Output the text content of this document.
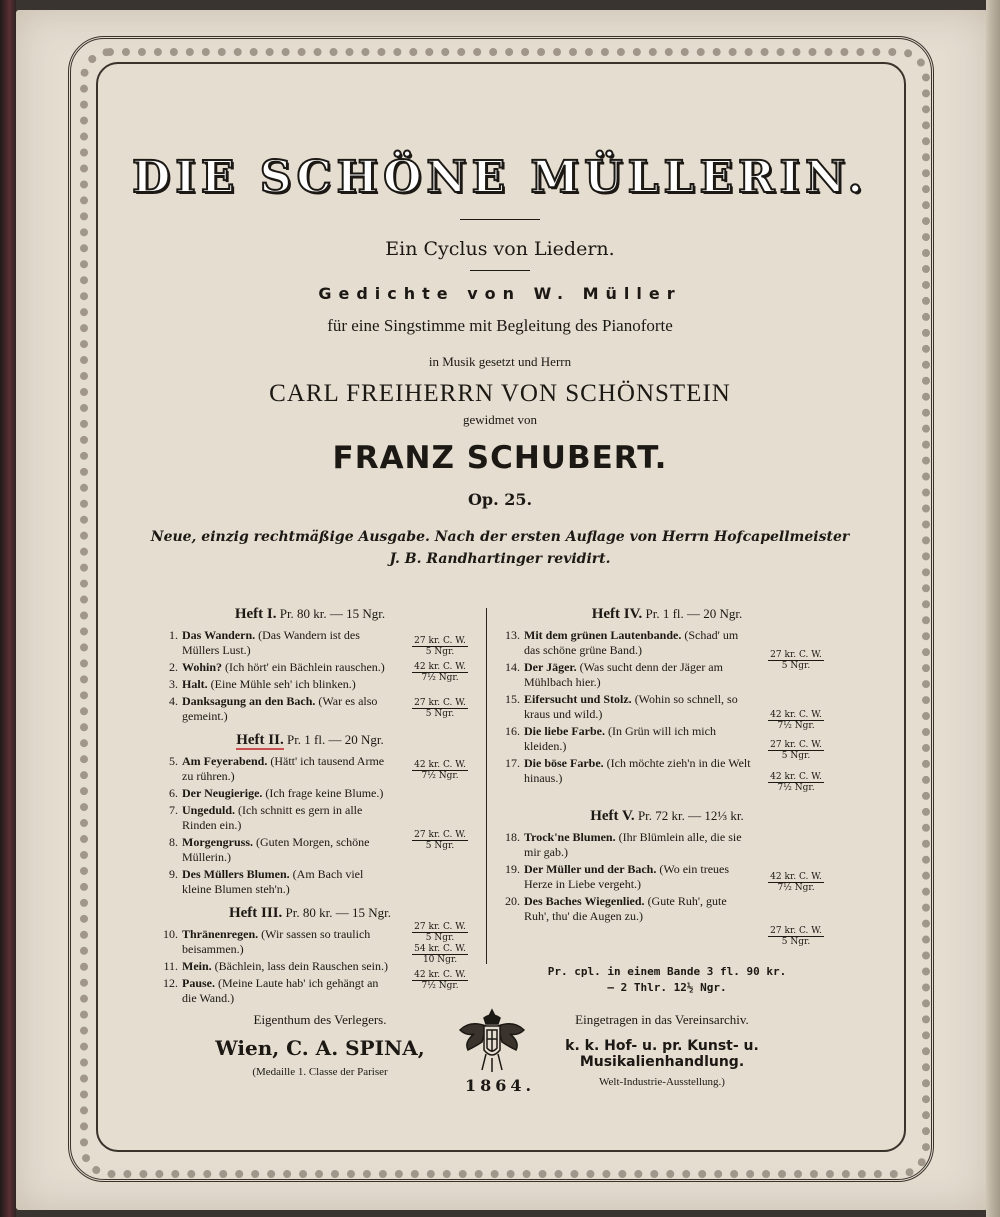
DIE SCHÖNE MÜLLERIN.
Ein Cyclus von Liedern.
Gedichte von W. Müller
für eine Singstimme mit Begleitung des Pianoforte
in Musik gesetzt und Herrn
CARL FREIHERRN VON SCHÖNSTEIN
gewidmet von
FRANZ SCHUBERT.
Op. 25.
Neue, einzig rechtmäßige Ausgabe. Nach der ersten Auflage von Herrn Hofcapellmeister
J. B. Randhartinger revidirt.
Heft I. Pr. 80 kr. — 15 Ngr.
1. Das Wandern. (Das Wandern ist des Müllers Lust.)
2. Wohin? (Ich hört' ein Bächlein rauschen.)
3. Halt. (Eine Mühle seh' ich blinken.)
4. Danksagung an den Bach. (War es also gemeint.)
Heft II. Pr. 1 fl. — 20 Ngr.
5. Am Feyerabend. (Hätt' ich tausend Arme zu rühren.)
6. Der Neugierige. (Ich frage keine Blume.)
7. Ungeduld. (Ich schnitt es gern in alle Rinden ein.)
8. Morgengruss. (Guten Morgen, schöne Müllerin.)
9. Des Müllers Blumen. (Am Bach viel kleine Blumen steh'n.)
Heft III. Pr. 80 kr. — 15 Ngr.
10. Thränenregen. (Wir sassen so traulich beisammen.)
11. Mein. (Bächlein, lass dein Rauschen sein.)
12. Pause. (Meine Laute hab' ich gehängt an die Wand.)
27 kr. C. W.
5 Ngr.
42 kr. C. W.
7½ Ngr.
27 kr. C. W.
5 Ngr.
42 kr. C. W.
7½ Ngr.
27 kr. C. W.
5 Ngr.
27 kr. C. W.
5 Ngr.
54 kr. C. W.
10 Ngr.
42 kr. C. W.
7½ Ngr.
Heft IV. Pr. 1 fl. — 20 Ngr.
13. Mit dem grünen Lautenbande. (Schad' um das schöne grüne Band.)
14. Der Jäger. (Was sucht denn der Jäger am Mühlbach hier.)
15. Eifersucht und Stolz. (Wohin so schnell, so kraus und wild.)
16. Die liebe Farbe. (In Grün will ich mich kleiden.)
17. Die böse Farbe. (Ich möchte zieh'n in die Welt hinaus.)
Heft V. Pr. 72 kr. — 12⅓ kr.
18. Trock'ne Blumen. (Ihr Blümlein alle, die sie mir gab.)
19. Der Müller und der Bach. (Wo ein treues Herze in Liebe vergeht.)
20. Des Baches Wiegenlied. (Gute Ruh', gute Ruh', thu' die Augen zu.)
27 kr. C. W.
5 Ngr.
42 kr. C. W.
7½ Ngr.
27 kr. C. W.
5 Ngr.
42 kr. C. W.
7½ Ngr.
42 kr. C. W.
7½ Ngr.
27 kr. C. W.
5 Ngr.
Pr. cpl. in einem Bande 3 fl. 90 kr.
— 2 Thlr. 12½ Ngr.
Eigenthum des Verlegers.
Wien, C. A. SPINA,
(Medaille 1. Classe der Pariser
Eingetragen in das Vereinsarchiv.
k. k. Hof- u. pr. Kunst- u. Musikalienhandlung.
Welt-Industrie-Ausstellung.)
1864.
